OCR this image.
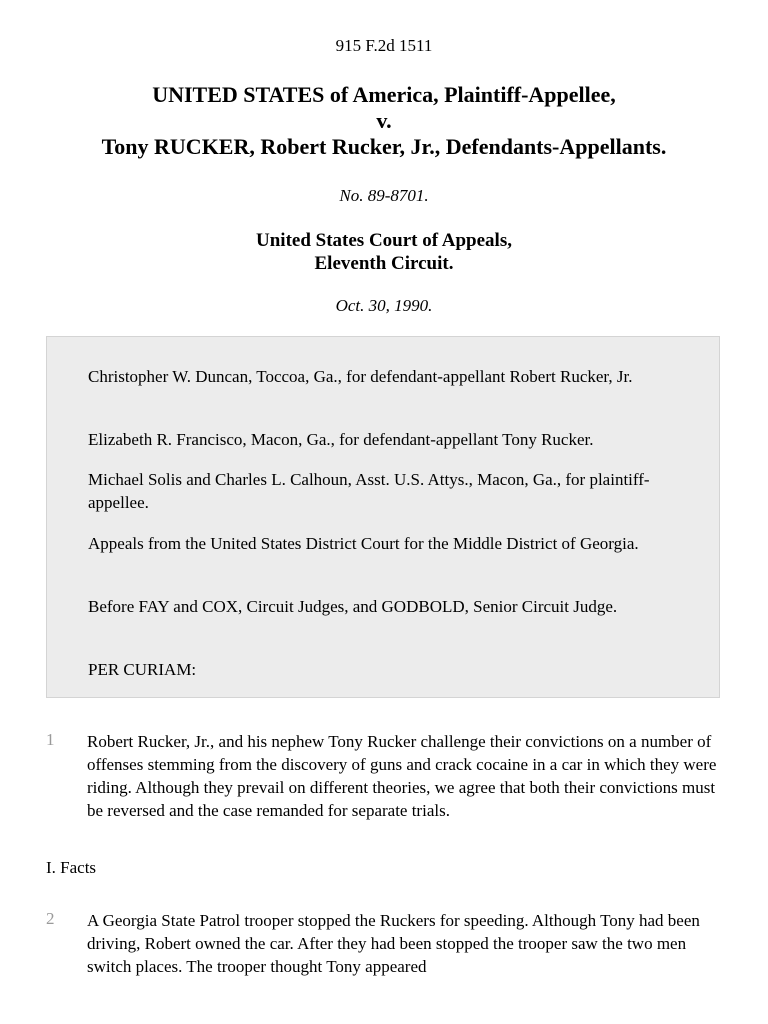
915 F.2d 1511
UNITED STATES of America, Plaintiff-Appellee,
v.
Tony RUCKER, Robert Rucker, Jr., Defendants-Appellants.
No. 89-8701.
United States Court of Appeals,
Eleventh Circuit.
Oct. 30, 1990.

Christopher W. Duncan, Toccoa, Ga., for defendant-appellant Robert Rucker, Jr.

Elizabeth R. Francisco, Macon, Ga., for defendant-appellant Tony Rucker.

Michael Solis and Charles L. Calhoun, Asst. U.S. Attys., Macon, Ga., for plaintiff-appellee.

Appeals from the United States District Court for the Middle District of Georgia.

Before FAY and COX, Circuit Judges, and GODBOLD, Senior Circuit Judge.

PER CURIAM:

1 Robert Rucker, Jr., and his nephew Tony Rucker challenge their convictions on a number of offenses stemming from the discovery of guns and crack cocaine in a car in which they were riding. Although they prevail on different theories, we agree that both their convictions must be reversed and the case remanded for separate trials.
I. Facts
2 A Georgia State Patrol trooper stopped the Ruckers for speeding. Although Tony had been driving, Robert owned the car. After they had been stopped the trooper saw the two men switch places. The trooper thought Tony appeared
